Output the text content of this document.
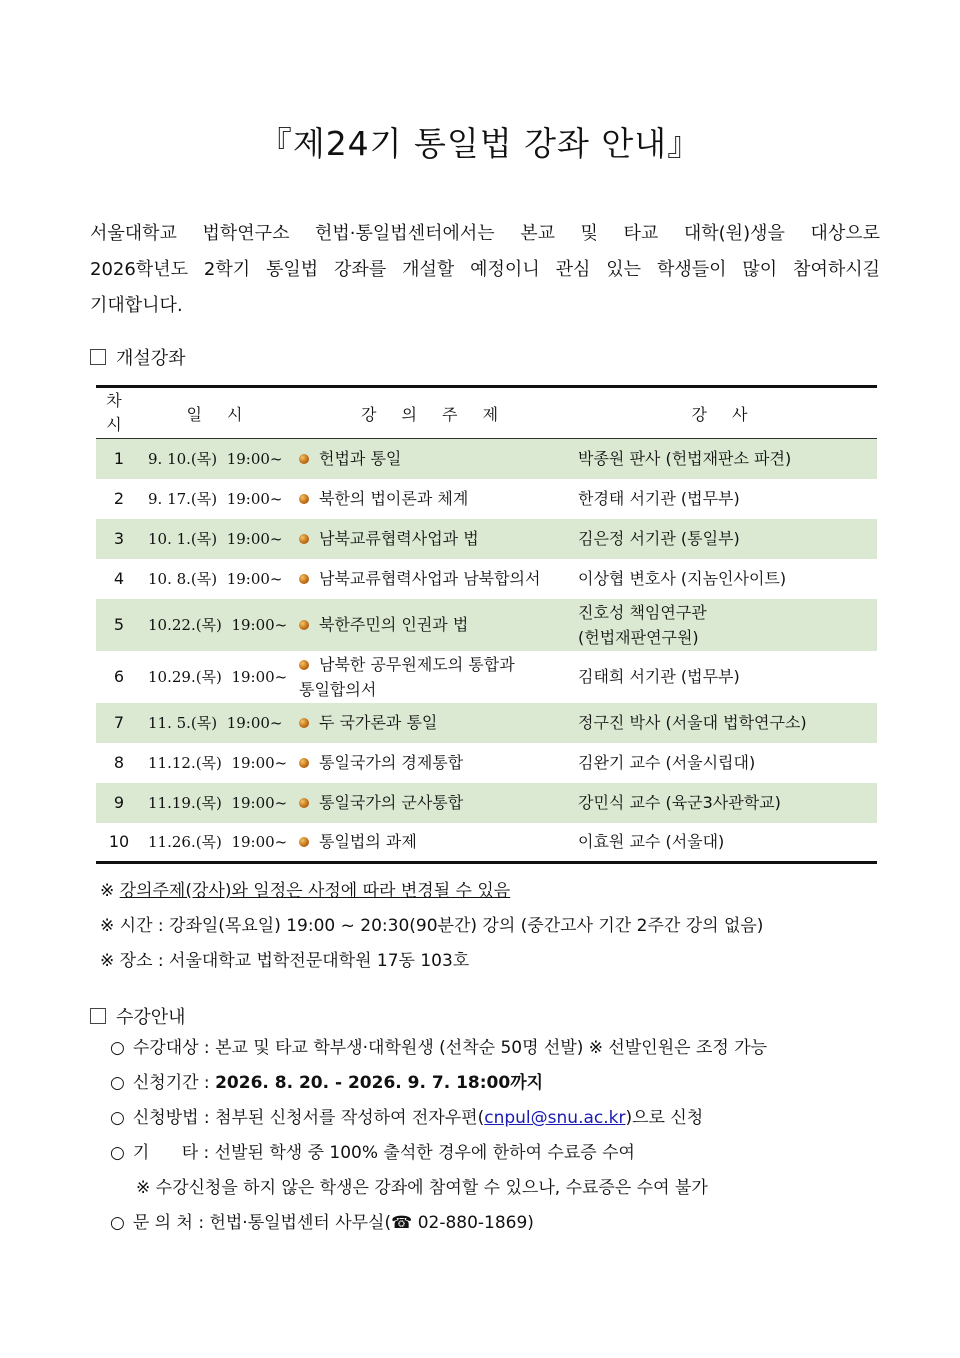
『제24기 통일법 강좌 안내』
서울대학교 법학연구소 헌법·통일법센터에서는 본교 및 타교 대학(원)생을 대상으로
2026학년도 2학기 통일법 강좌를 개설할 예정이니 관심 있는 학생들이 많이 참여하시길
기대합니다.
개설강좌
차
시	일 시	강 의 주 제	강 사
1	9. 10.(목) 19:00~	헌법과 통일	박종원 판사 (헌법재판소 파견)
2	9. 17.(목) 19:00~	북한의 법이론과 체계	한경태 서기관 (법무부)
3	10. 1.(목) 19:00~	남북교류협력사업과 법	김은정 서기관 (통일부)
4	10. 8.(목) 19:00~	남북교류협력사업과 남북합의서	이상협 변호사 (지놈인사이트)
5	10.22.(목) 19:00~	북한주민의 인권과 법	진호성 책임연구관
(헌법재판연구원)
6	10.29.(목) 19:00~	남북한 공무원제도의 통합과
통일합의서	김태희 서기관 (법무부)
7	11. 5.(목) 19:00~	두 국가론과 통일	정구진 박사 (서울대 법학연구소)
8	11.12.(목) 19:00~	통일국가의 경제통합	김완기 교수 (서울시립대)
9	11.19.(목) 19:00~	통일국가의 군사통합	강민식 교수 (육군3사관학교)
10	11.26.(목) 19:00~	통일법의 과제	이효원 교수 (서울대)
※ 강의주제(강사)와 일정은 사정에 따라 변경될 수 있음
※ 시간 : 강좌일(목요일) 19:00 ~ 20:30(90분간) 강의 (중간고사 기간 2주간 강의 없음)
※ 장소 : 서울대학교 법학전문대학원 17동 103호
수강안내
○ 수강대상 : 본교 및 타교 학부생·대학원생 (선착순 50명 선발) ※ 선발인원은 조정 가능
○ 신청기간 : 2026. 8. 20. - 2026. 9. 7. 18:00까지
○ 신청방법 : 첨부된 신청서를 작성하여 전자우편(cnpul@snu.ac.kr)으로 신청
○ 기      타 : 선발된 학생 중 100% 출석한 경우에 한하여 수료증 수여
※ 수강신청을 하지 않은 학생은 강좌에 참여할 수 있으나, 수료증은 수여 불가
○ 문 의 처 : 헌법·통일법센터 사무실(☎ 02-880-1869)
